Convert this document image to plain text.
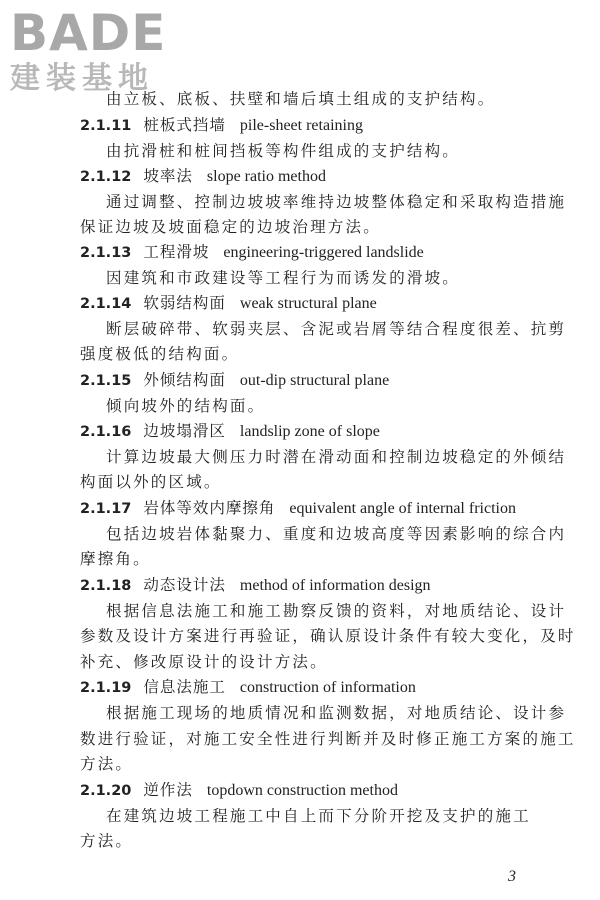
BADE
建装基地
由立板、底板、扶壁和墙后填土组成的支护结构。
2.1.11 桩板式挡墙 pile-sheet retaining
由抗滑桩和桩间挡板等构件组成的支护结构。
2.1.12 坡率法 slope ratio method
通过调整、控制边坡坡率维持边坡整体稳定和采取构造措施
保证边坡及坡面稳定的边坡治理方法。
2.1.13 工程滑坡 engineering-triggered landslide
因建筑和市政建设等工程行为而诱发的滑坡。
2.1.14 软弱结构面 weak structural plane
断层破碎带、软弱夹层、含泥或岩屑等结合程度很差、抗剪
强度极低的结构面。
2.1.15 外倾结构面 out-dip structural plane
倾向坡外的结构面。
2.1.16 边坡塌滑区 landslip zone of slope
计算边坡最大侧压力时潜在滑动面和控制边坡稳定的外倾结
构面以外的区域。
2.1.17 岩体等效内摩擦角 equivalent angle of internal friction
包括边坡岩体黏聚力、重度和边坡高度等因素影响的综合内
摩擦角。
2.1.18 动态设计法 method of information design
根据信息法施工和施工勘察反馈的资料，对地质结论、设计
参数及设计方案进行再验证，确认原设计条件有较大变化，及时
补充、修改原设计的设计方法。
2.1.19 信息法施工 construction of information
根据施工现场的地质情况和监测数据，对地质结论、设计参
数进行验证，对施工安全性进行判断并及时修正施工方案的施工
方法。
2.1.20 逆作法 topdown construction method
在建筑边坡工程施工中自上而下分阶开挖及支护的施工
方法。
3
